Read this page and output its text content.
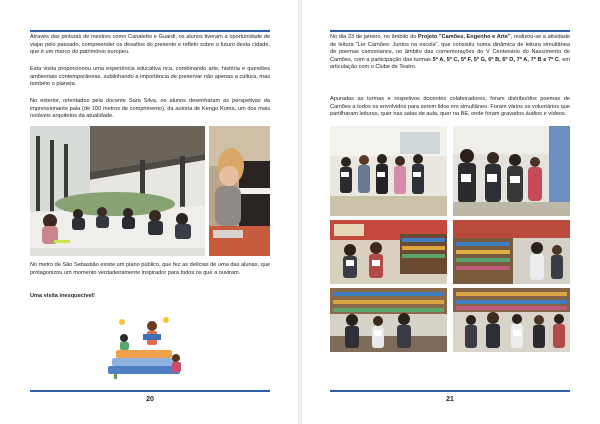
Através das pinturas de mestres como Canaletto e Guardi, os alunos tiveram a oportunidade de viajar pelo passado, compreender os desafios do presente e refletir sobre o futuro desta cidade, que é um marco do património europeu.

Esta visita proporcionou uma experiência educativa rica, combinando arte, história e questões ambientais contemporâneas, sublinhando a importância de preservar não apenas a cultura, mas também o planeta.

No exterior, orientados pela docente Sara Silva, os alunos desenharam as perspetivas da impressionante pala (de 100 metros de comprimento), da autoria de Kengo Kuma, um dos mais notáveis arquitetos da atualidade.

No metro de São Sebastião existe um piano público, que fez as delícias de uma das alunas, que protagonizou um momento verdadeiramente inspirador para todos os que a ouviram.

Uma visita inesquecível!

20

No dia 23 de janeiro, no âmbito do Projeto "Camões, Engenho e Arte", realizou-se a atividade de leitura "Ler Camões: Juntos na escola", que consistiu numa dinâmica de leitura simultânea de poemas camonianos, no âmbito das comemorações do V Centenário do Nascimento de Camões, com a participação das turmas 5º A, 5º C, 5º F, 5º G, 6º B, 6º D, 7º A, 7º B e 7º C, em articulação com o Clube de Teatro.

Apuradas as turmas e respetivos docentes colaboradores, foram distribuídos poemas de Camões a todos os envolvidos para serem lidos em simultâneo. Foram vários os voluntários que partilharam leituras, quer nas salas de aula, quer na BE, onde foram gravados áudios e vídeos.

21
